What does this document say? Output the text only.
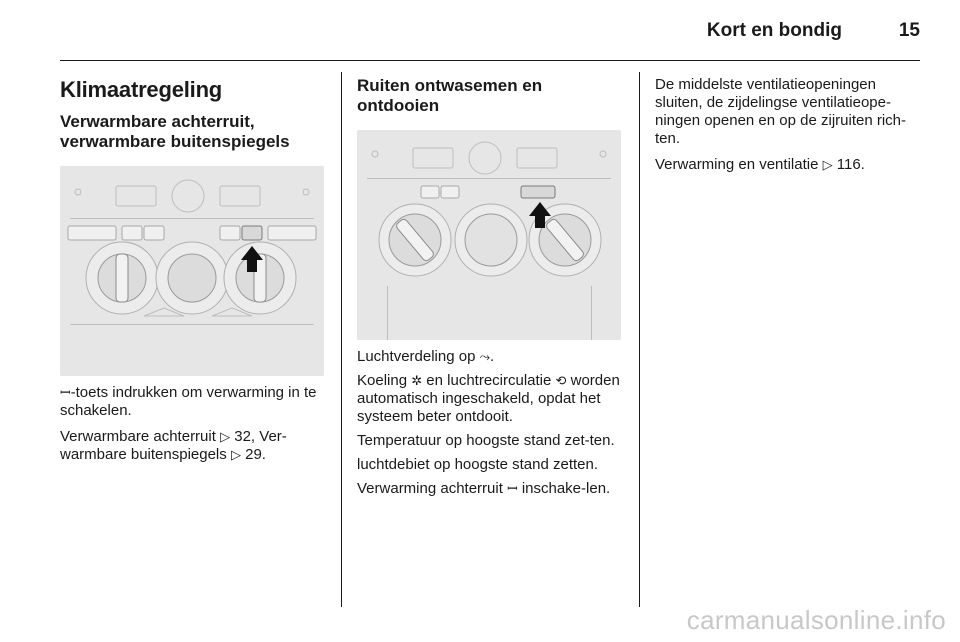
Kort en bondig	15
Klimaatregeling
Verwarmbare achterruit, verwarmbare buitenspiegels

ꟷ-toets indrukken om verwarming in te schakelen.

Verwarmbare achterruit ▷ 32, Ver-warmbare buitenspiegels ▷ 29.

Ruiten ontwasemen en ontdooien

Luchtverdeling op ⤳.

Koeling ✲ en luchtrecirculatie ⟲ worden automatisch ingeschakeld, opdat het systeem beter ontdooit.

Temperatuur op hoogste stand zet-ten.

luchtdebiet op hoogste stand zetten.

Verwarming achterruit ꟷ inschake-len.

De middelste ventilatieopeningen sluiten, de zijdelingse ventilatieope-ningen openen en op de zijruiten rich-ten.

Verwarming en ventilatie ▷ 116.

carmanualsonline.info
